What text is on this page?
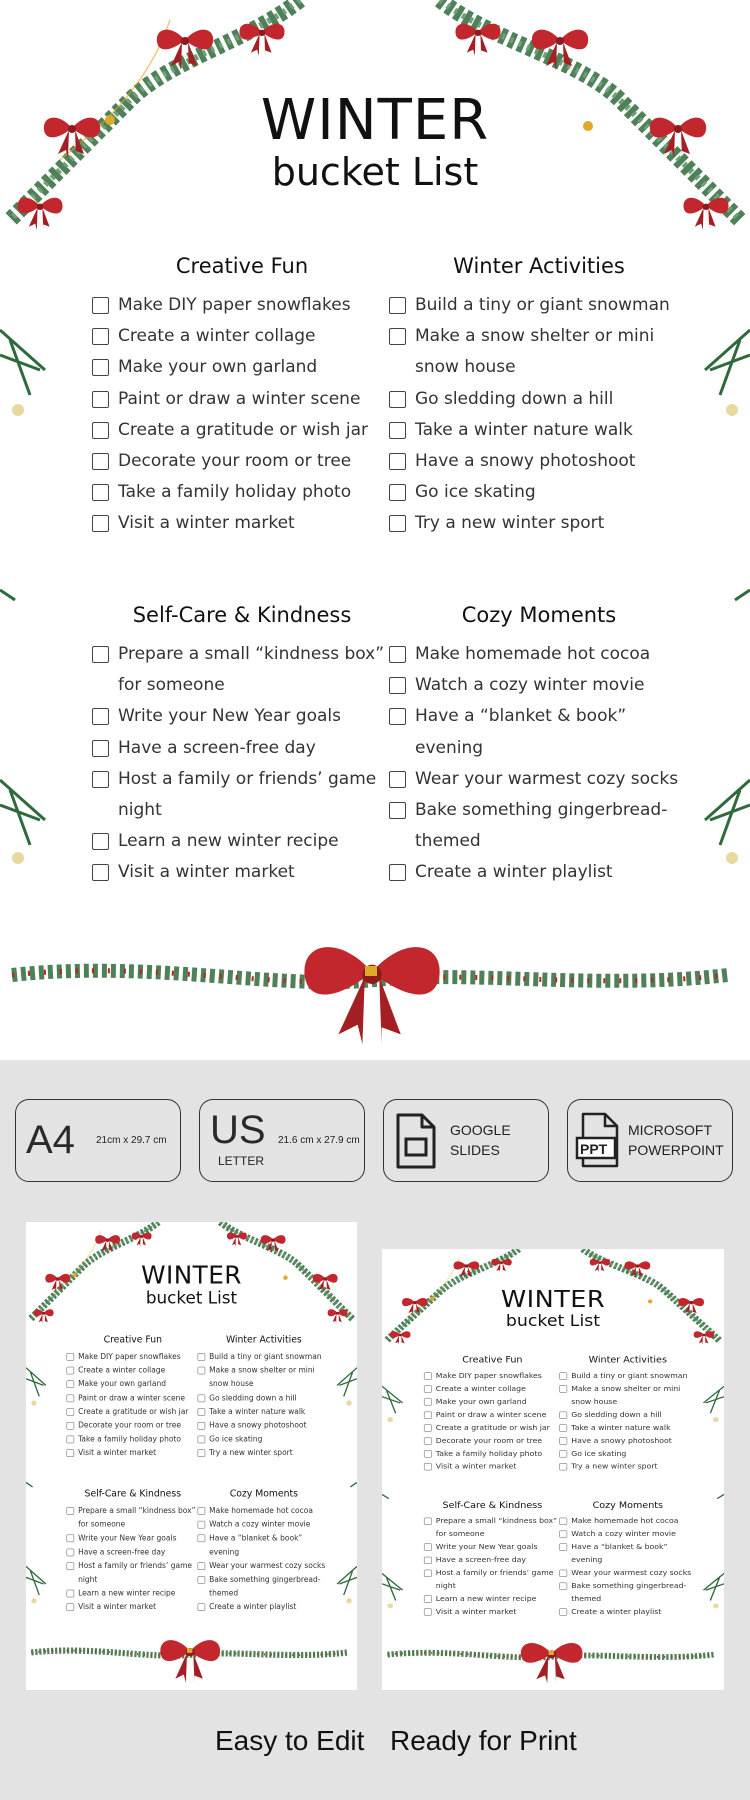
WINTER
bucket List
Creative Fun
Make DIY paper snowflakes
Create a winter collage
Make your own garland
Paint or draw a winter scene
Create a gratitude or wish jar
Decorate your room or tree
Take a family holiday photo
Visit a winter market
Winter Activities
Build a tiny or giant snowman
Make a snow shelter or mini snow house
Go sledding down a hill
Take a winter nature walk
Have a snowy photoshoot
Go ice skating
Try a new winter sport
Self-Care & Kindness
Prepare a small “kindness box” for someone
Write your New Year goals
Have a screen-free day
Host a family or friends’ game night
Learn a new winter recipe
Visit a winter market
Cozy Moments
Make homemade hot cocoa
Watch a cozy winter movie
Have a “blanket & book” evening
Wear your warmest cozy socks
Bake something gingerbread-themed
Create a winter playlist
A4 21cm x 29.7 cm US
LETTER
21.6 cm x 27.9 cm
GOOGLE
SLIDES	PPT
MICROSOFT
POWERPOINT
WINTER
bucket List
Creative Fun
Make DIY paper snowflakes
Create a winter collage
Make your own garland
Paint or draw a winter scene
Create a gratitude or wish jar
Decorate your room or tree
Take a family holiday photo
Visit a winter market
Winter Activities
Build a tiny or giant snowman
Make a snow shelter or mini snow house
Go sledding down a hill
Take a winter nature walk
Have a snowy photoshoot
Go ice skating
Try a new winter sport
Self-Care & Kindness
Prepare a small “kindness box” for someone
Write your New Year goals
Have a screen-free day
Host a family or friends’ game night
Learn a new winter recipe
Visit a winter market
Cozy Moments
Make homemade hot cocoa
Watch a cozy winter movie
Have a “blanket & book” evening
Wear your warmest cozy socks
Bake something gingerbread-themed
Create a winter playlist
WINTER
bucket List
Creative Fun
Make DIY paper snowflakes
Create a winter collage
Make your own garland
Paint or draw a winter scene
Create a gratitude or wish jar
Decorate your room or tree
Take a family holiday photo
Visit a winter market
Winter Activities
Build a tiny or giant snowman
Make a snow shelter or mini snow house
Go sledding down a hill
Take a winter nature walk
Have a snowy photoshoot
Go ice skating
Try a new winter sport
Self-Care & Kindness
Prepare a small “kindness box” for someone
Write your New Year goals
Have a screen-free day
Host a family or friends’ game night
Learn a new winter recipe
Visit a winter market
Cozy Moments
Make homemade hot cocoa
Watch a cozy winter movie
Have a “blanket & book” evening
Wear your warmest cozy socks
Bake something gingerbread-themed
Create a winter playlist
Easy to Edit Ready for Print
